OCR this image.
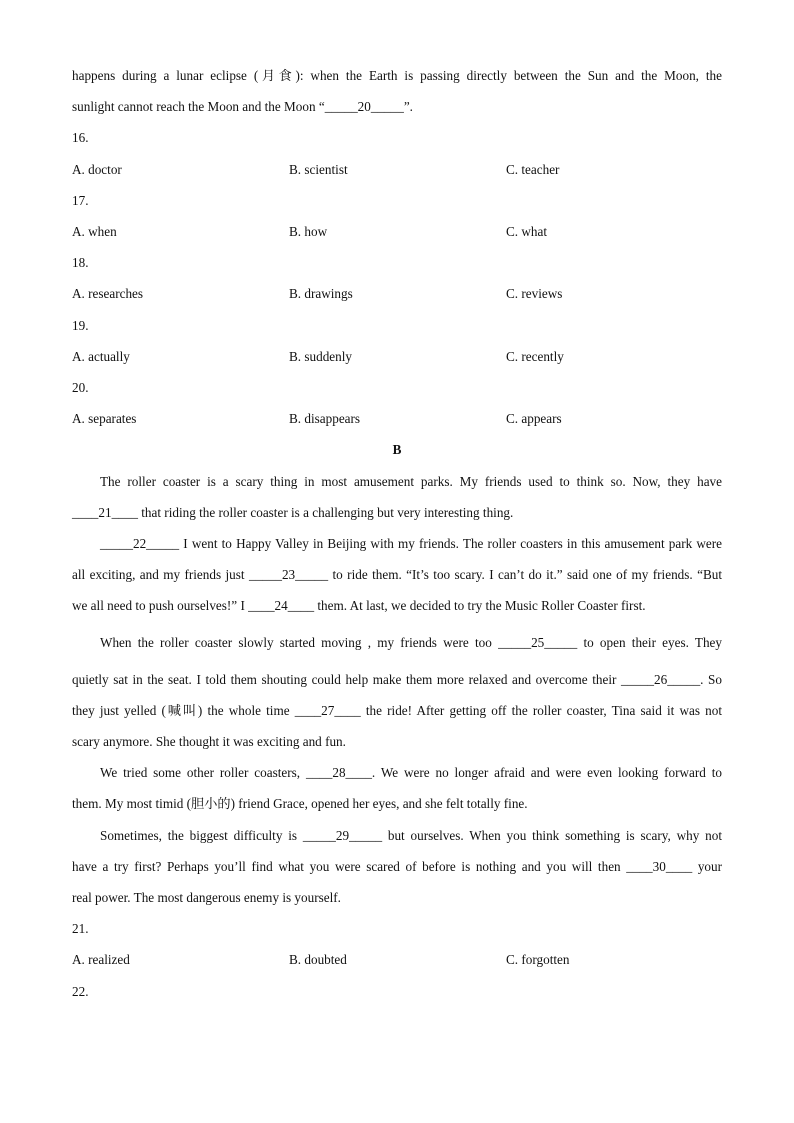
happens during a lunar eclipse (月食): when the Earth is passing directly between the Sun and the Moon, the
sunlight cannot reach the Moon and the Moon “_____20_____”.
16.
A. doctor	B. scientist	C. teacher
17.
A. when	B. how	C. what
18.
A. researches	B. drawings	C. reviews
19.
A. actually	B. suddenly	C. recently
20.
A. separates	B. disappears	C. appears
B
The roller coaster is a scary thing in most amusement parks. My friends used to think so. Now, they have
____21____ that riding the roller coaster is a challenging but very interesting thing.
_____22_____ I went to Happy Valley in Beijing with my friends. The roller coasters in this amusement park were
all exciting, and my friends just _____23_____ to ride them. “It’s too scary. I can’t do it.” said one of my friends. “But
we all need to push ourselves!” I ____24____ them. At last, we decided to try the Music Roller Coaster first.
When the roller coaster slowly started moving , my friends were too _____25_____ to open their eyes. They
quietly sat in the seat. I told them shouting could help make them more relaxed and overcome their _____26_____. So
they just yelled (喊叫) the whole time ____27____ the ride! After getting off the roller coaster, Tina said it was not
scary anymore. She thought it was exciting and fun.
We tried some other roller coasters, ____28____. We were no longer afraid and were even looking forward to
them. My most timid (胆小的) friend Grace, opened her eyes, and she felt totally fine.
Sometimes, the biggest difficulty is _____29_____ but ourselves. When you think something is scary, why not
have a try first? Perhaps you’ll find what you were scared of before is nothing and you will then ____30____ your
real power. The most dangerous enemy is yourself.
21.
A. realized	B. doubted	C. forgotten
22.
